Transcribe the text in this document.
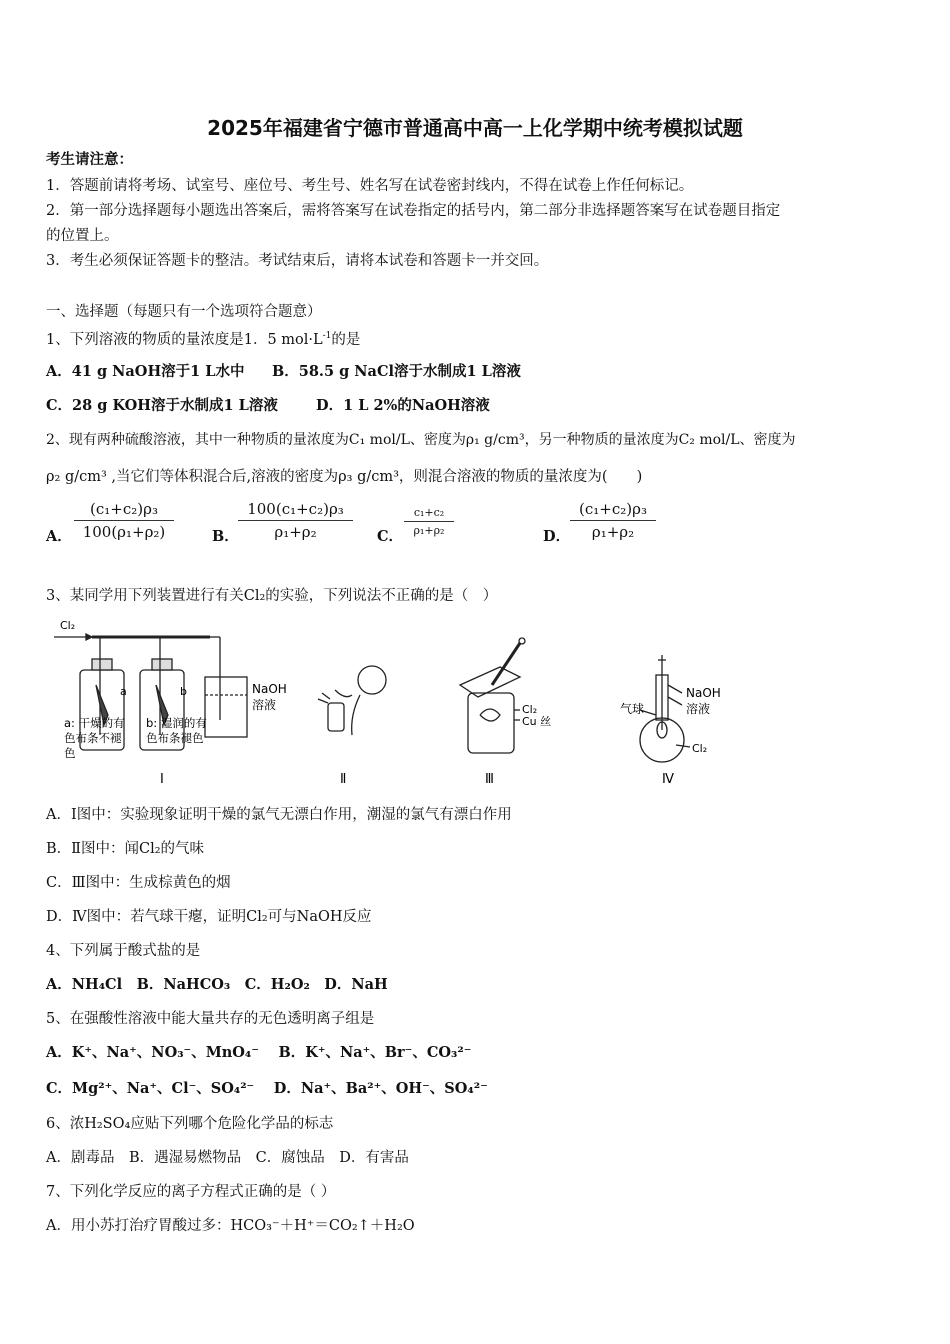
2025年福建省宁德市普通高中高一上化学期中统考模拟试题
考生请注意：
1．答题前请将考场、试室号、座位号、考生号、姓名写在试卷密封线内，不得在试卷上作任何标记。
2．第一部分选择题每小题选出答案后，需将答案写在试卷指定的括号内，第二部分非选择题答案写在试卷题目指定
的位置上。
3．考生必须保证答题卡的整洁。考试结束后，请将本试卷和答题卡一并交回。
一、选择题（每题只有一个选项符合题意）
1、下列溶液的物质的量浓度是1．5 $mol\cdot L^{-1}$的是
A．41 g NaOH溶于1 L水中 B．58.5 g NaCl溶于水制成1 L溶液
C．28 g KOH溶于水制成1 L溶液	D．1 L 2%的NaOH溶液
2、现有两种硫酸溶液，其中一种物质的量浓度为C₁ mol/L、密度为ρ₁ g/cm³，另一种物质的量浓度为C₂ mol/L、密度为
ρ₂ g/cm³ ,当它们等体积混合后,溶液的密度为ρ₃ g/cm³，则混合溶液的物质的量浓度为(　　)
A．
(c₁+c₂)ρ₃
100(ρ₁+ρ₂)	B．
100(c₁+c₂)ρ₃
ρ₁+ρ₂	C．
c₁+c₂
ρ₁+ρ₂	D．
(c₁+c₂)ρ₃
ρ₁+ρ₂
3、某同学用下列装置进行有关Cl₂的实验，下列说法不正确的是（　）
Cl₂
a	b	NaOH
溶液
a: 干燥的有
色布条不褪
色
b: 湿润的有
色布条褪色
Cl₂
Cu 丝
气球
NaOH
溶液
Cl₂
Ⅰ	Ⅱ	Ⅲ	Ⅳ
A．Ⅰ图中：实验现象证明干燥的氯气无漂白作用，潮湿的氯气有漂白作用
B．Ⅱ图中：闻Cl₂的气味
C．Ⅲ图中：生成棕黄色的烟
D．Ⅳ图中：若气球干瘪，证明Cl₂可与NaOH反应
4、下列属于酸式盐的是
A．NH₄Cl　B．NaHCO₃　C．H₂O₂　D．NaH
5、在强酸性溶液中能大量共存的无色透明离子组是
A．K⁺、Na⁺、NO₃⁻、MnO₄⁻　 B．K⁺、Na⁺、Br⁻、CO₃²⁻
C．Mg²⁺、Na⁺、Cl⁻、SO₄²⁻　 D．Na⁺、Ba²⁺、OH⁻、SO₄²⁻
6、浓H₂SO₄应贴下列哪个危险化学品的标志
A．剧毒品　B．遇湿易燃物品　C．腐蚀品　D．有害品
7、下列化学反应的离子方程式正确的是（ ）
A．用小苏打治疗胃酸过多：HCO₃⁻＋H⁺＝CO₂↑＋H₂O
